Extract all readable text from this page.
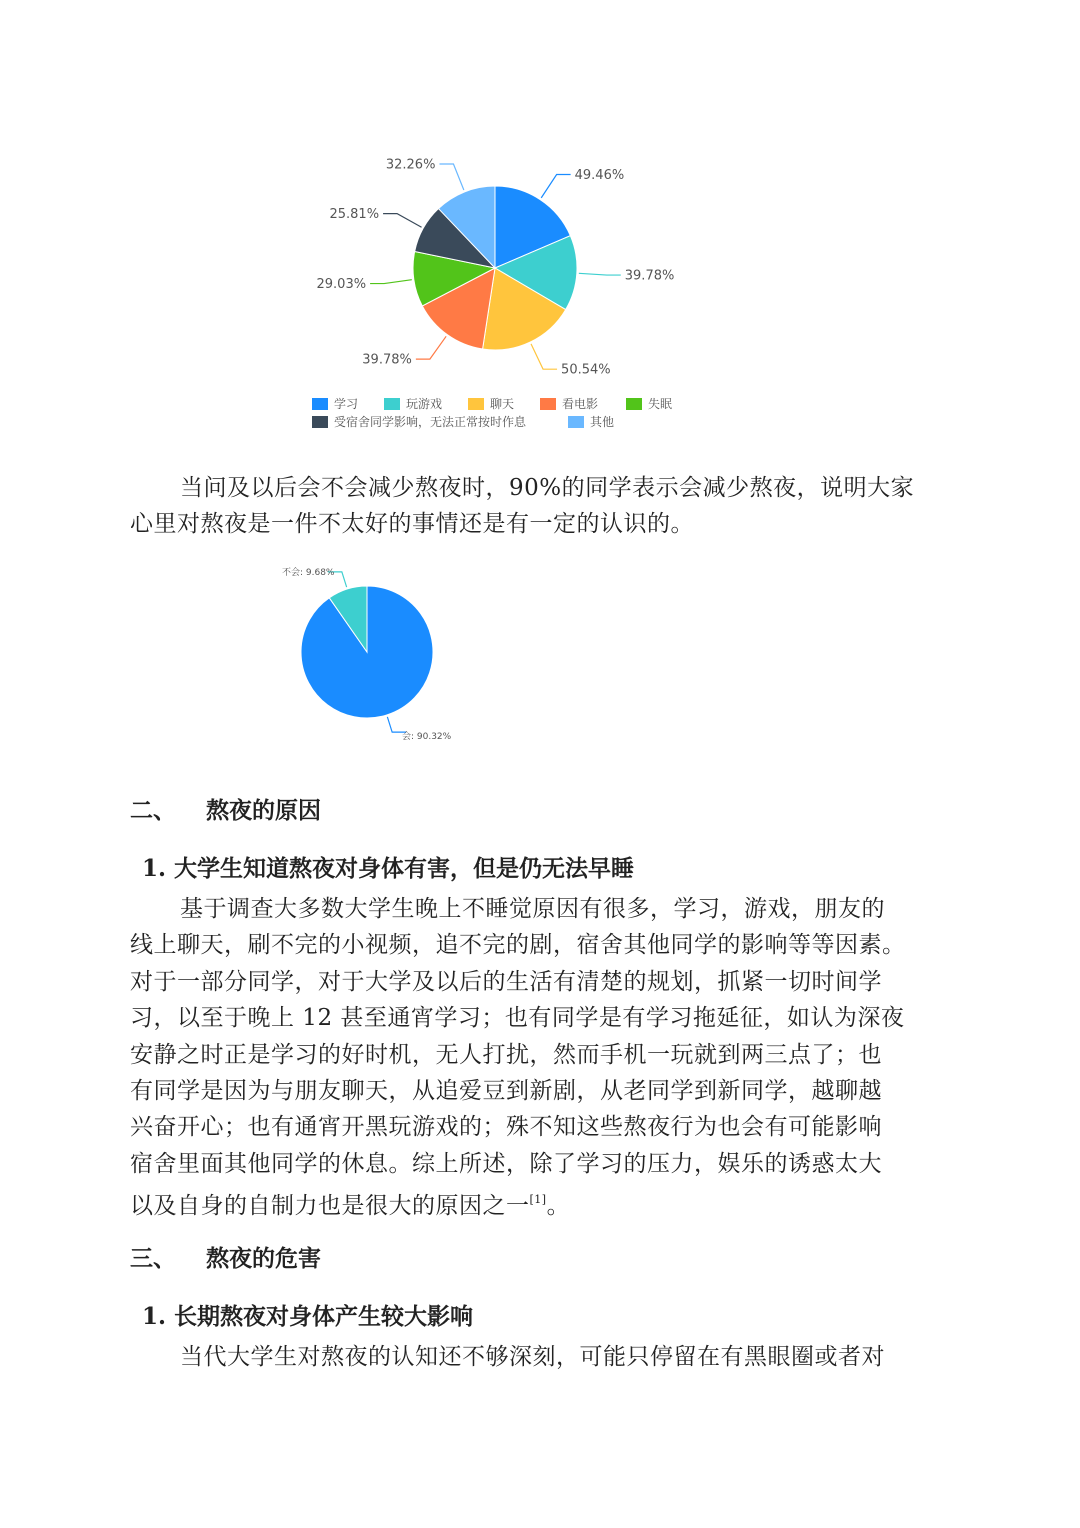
49.46%
39.78%
50.54%
39.78%
29.03%
25.81%
32.26%
学习	玩游戏	聊天	看电影	失眠
受宿舍同学影响，无法正常按时作息	其他
会: 90.32%
不会: 9.68%
当问及以后会不会减少熬夜时，90%的同学表示会减少熬夜，说明大家
心里对熬夜是一件不太好的事情还是有一定的认识的。
二、 熬夜的原因
1. 大学生知道熬夜对身体有害，但是仍无法早睡
基于调查大多数大学生晚上不睡觉原因有很多，学习，游戏，朋友的
线上聊天，刷不完的小视频，追不完的剧，宿舍其他同学的影响等等因素。
对于一部分同学，对于大学及以后的生活有清楚的规划，抓紧一切时间学
习，以至于晚上 12 甚至通宵学习；也有同学是有学习拖延征，如认为深夜
安静之时正是学习的好时机，无人打扰，然而手机一玩就到两三点了；也
有同学是因为与朋友聊天，从追爱豆到新剧，从老同学到新同学，越聊越
兴奋开心；也有通宵开黑玩游戏的；殊不知这些熬夜行为也会有可能影响
宿舍里面其他同学的休息。综上所述，除了学习的压力，娱乐的诱惑太大
以及自身的自制力也是很大的原因之一[1]。
三、 熬夜的危害
1. 长期熬夜对身体产生较大影响
当代大学生对熬夜的认知还不够深刻，可能只停留在有黑眼圈或者对
